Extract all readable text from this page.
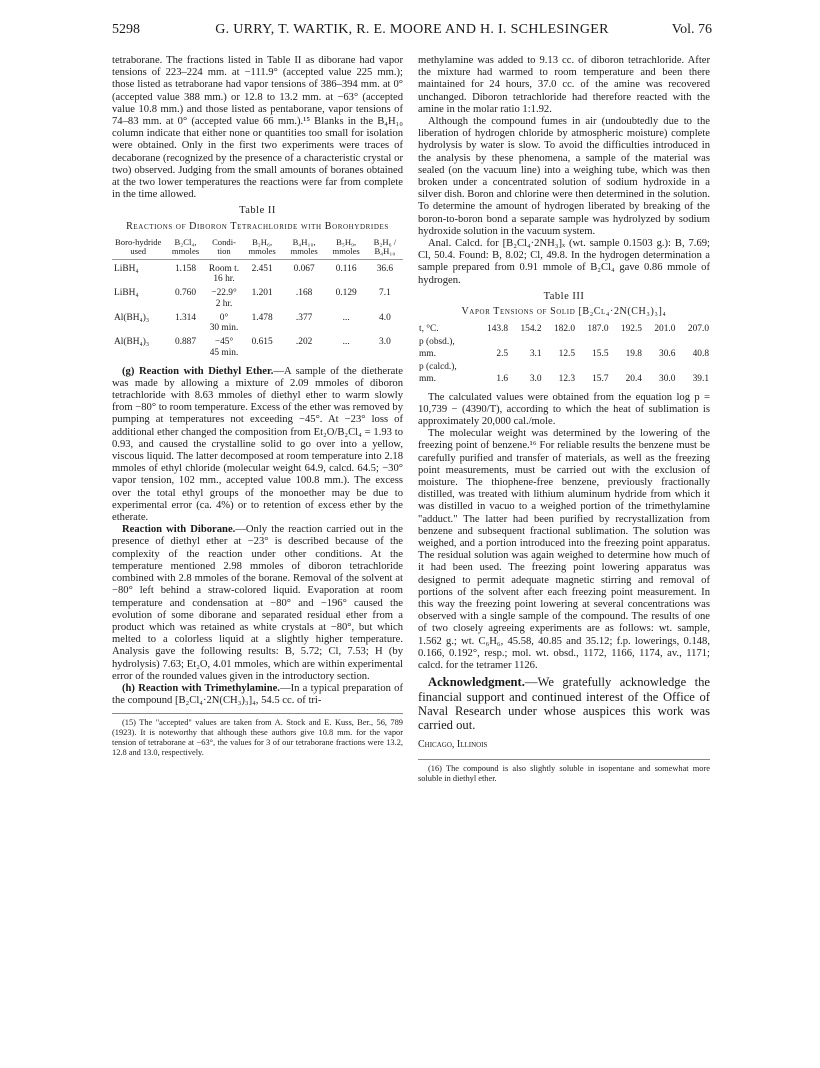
5298	G. URRY, T. WARTIK, R. E. MOORE AND H. I. SCHLESINGER	Vol. 76

tetraborane. The fractions listed in Table II as diborane had vapor tensions of 223–224 mm. at −111.9° (accepted value 225 mm.); those listed as tetraborane had vapor tensions of 386–394 mm. at 0° (accepted value 388 mm.) or 12.8 to 13.2 mm. at −63° (accepted value 10.8 mm.) and those listed as pentaborane, vapor tensions of 74–83 mm. at 0° (accepted value 66 mm.).¹⁵ Blanks in the B₄H₁₀ column indicate that either none or quantities too small for isolation were obtained. Only in the first two experiments were traces of decaborane (recognized by the presence of a characteristic crystal or two) observed. Judging from the small amounts of boranes obtained at the two lower temperatures the reactions were far from complete in the time allowed.

Table II
Reactions of Diboron Tetrachloride with Borohydrides
Boro-hydride used	B₂Cl₄, mmoles	Condi-tion	B₂H₆, mmoles	B₄H₁₀, mmoles	B₅H₉, mmoles	B₂H₆ / B₄H₁₀
LiBH₄	1.158	Room t.	2.451	0.067	0.116	36.6
		16 hr.				
LiBH₄	0.760	−22.9°	1.201	.168	0.129	7.1
		2 hr.				
Al(BH₄)₃	1.314	0°	1.478	.377	...	4.0
		30 min.				
Al(BH₄)₃	0.887	−45°	0.615	.202	...	3.0
		45 min.				

(g) Reaction with Diethyl Ether.—A sample of the dietherate was made by allowing a mixture of 2.09 mmoles of diboron tetrachloride with 8.63 mmoles of diethyl ether to warm slowly from −80° to room temperature. Excess of the ether was removed by pumping at temperatures not exceeding −45°. At −23° loss of additional ether changed the composition from Et₂O/B₂Cl₄ = 1.93 to 0.93, and caused the crystalline solid to go over into a yellow, viscous liquid. The latter decomposed at room temperature into 2.18 mmoles of ethyl chloride (molecular weight 64.9, calcd. 64.5; −30° vapor tension, 102 mm., accepted value 100.8 mm.). The excess over the total ethyl groups of the monoether may be due to experimental error (ca. 4%) or to retention of excess ether by the etherate.

Reaction with Diborane.—Only the reaction carried out in the presence of diethyl ether at −23° is described because of the complexity of the reaction under other conditions. At the temperature mentioned 2.98 mmoles of diboron tetrachloride combined with 2.8 mmoles of the borane. Removal of the solvent at −80° left behind a straw-colored liquid. Evaporation at room temperature and condensation at −80° and −196° caused the evolution of some diborane and separated residual ether from a product which was retained as white crystals at −80°, but which melted to a colorless liquid at a slightly higher temperature. Analysis gave the following results: B, 5.72; Cl, 7.53; H (by hydrolysis) 7.63; Et₂O, 4.01 mmoles, which are within experimental error of the rounded values given in the introductory section.

(h) Reaction with Trimethylamine.—In a typical preparation of the compound [B₂Cl₄·2N(CH₃)₃]₄, 54.5 cc. of tri-

(15) The "accepted" values are taken from A. Stock and E. Kuss, Ber., 56, 789 (1923). It is noteworthy that although these authors give 10.8 mm. for the vapor tension of tetraborane at −63°, the values for 3 of our tetraborane fractions were 13.2, 12.8 and 13.0, respectively.

methylamine was added to 9.13 cc. of diboron tetrachloride. After the mixture had warmed to room temperature and been there maintained for 24 hours, 37.0 cc. of the amine was recovered unchanged. Diboron tetrachloride had therefore reacted with the amine in the molar ratio 1:1.92.

Although the compound fumes in air (undoubtedly due to the liberation of hydrogen chloride by atmospheric moisture) complete hydrolysis by water is slow. To avoid the difficulties introduced in the analysis by these phenomena, a sample of the material was sealed (on the vacuum line) into a weighing tube, which was then broken under a concentrated solution of sodium hydroxide in a silver dish. Boron and chlorine were then determined in the solution. To determine the amount of hydrogen liberated by breaking of the boron-to-boron bond a separate sample was hydrolyzed by sodium hydroxide solution in the vacuum system.

Anal. Calcd. for [B₂Cl₄·2NH₃]ₓ (wt. sample 0.1503 g.): B, 7.69; Cl, 50.4. Found: B, 8.02; Cl, 49.8. In the hydrogen determination a sample prepared from 0.91 mmole of B₂Cl₄ gave 0.86 mmole of hydrogen.

Table III
Vapor Tensions of Solid [B₂Cl₄·2N(CH₃)₃]₄
t, °C.	143.8	154.2	182.0	187.0	192.5	201.0	207.0
p (obsd.),							
mm.	2.5	3.1	12.5	15.5	19.8	30.6	40.8
p (calcd.),							
mm.	1.6	3.0	12.3	15.7	20.4	30.0	39.1

The calculated values were obtained from the equation log p = 10,739 − (4390/T), according to which the heat of sublimation is approximately 20,000 cal./mole.

The molecular weight was determined by the lowering of the freezing point of benzene.¹⁶ For reliable results the benzene must be carefully purified and transfer of materials, as well as the freezing point measurements, must be carried out with the exclusion of moisture. The thiophene-free benzene, previously fractionally distilled, was treated with lithium aluminum hydride from which it was distilled in vacuo to a weighed portion of the trimethylamine "adduct." The latter had been purified by recrystallization from benzene and subsequent fractional sublimation. The solution was weighed, and a portion introduced into the freezing point apparatus. The residual solution was again weighed to determine how much of it had been used. The freezing point lowering apparatus was designed to permit adequate magnetic stirring and removal of portions of the solvent after each freezing point measurement. In this way the freezing point lowering at several concentrations was observed with a single sample of the compound. The results of one of two closely agreeing experiments are as follows: wt. sample, 1.562 g.; wt. C₆H₆, 45.58, 40.85 and 35.12; f.p. lowerings, 0.148, 0.166, 0.192°, resp.; mol. wt. obsd., 1172, 1166, 1174, av., 1171; calcd. for the tetramer 1126.

Acknowledgment.—We gratefully acknowledge the financial support and continued interest of the Office of Naval Research under whose auspices this work was carried out.

Chicago, Illinois

(16) The compound is also slightly soluble in isopentane and somewhat more soluble in diethyl ether.
